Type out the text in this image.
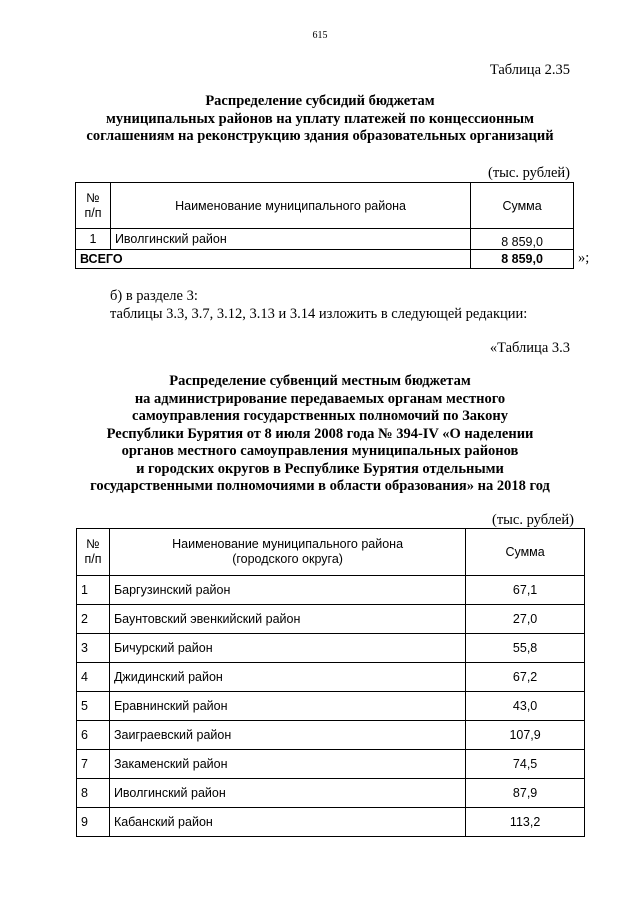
615
Таблица 2.35
Распределение субсидий бюджетам
муниципальных районов на уплату платежей по концессионным
соглашениям на реконструкцию здания образовательных организаций
(тыс. рублей)
№
п/п	Наименование муниципального района	Сумма
1	Иволгинский район	8 859,0
ВСЕГО		8 859,0 »;
б) в разделе 3:
таблицы 3.3, 3.7, 3.12, 3.13 и 3.14 изложить в следующей редакции:
«Таблица 3.3
Распределение субвенций местным бюджетам
на администрирование передаваемых органам местного
самоуправления государственных полномочий по Закону
Республики Бурятия от 8 июля 2008 года № 394-IV «О наделении
органов местного самоуправления муниципальных районов
и городских округов в Республике Бурятия отдельными
государственными полномочиями в области образования» на 2018 год
(тыс. рублей)
№
п/п	Наименование муниципального района
(городского округа)	Сумма
1	Баргузинский район	67,1
2	Баунтовский эвенкийский район	27,0
3	Бичурский район	55,8
4	Джидинский район	67,2
5	Еравнинский район	43,0
6	Заиграевский район	107,9
7	Закаменский район	74,5
8	Иволгинский район	87,9
9	Кабанский район	113,2
